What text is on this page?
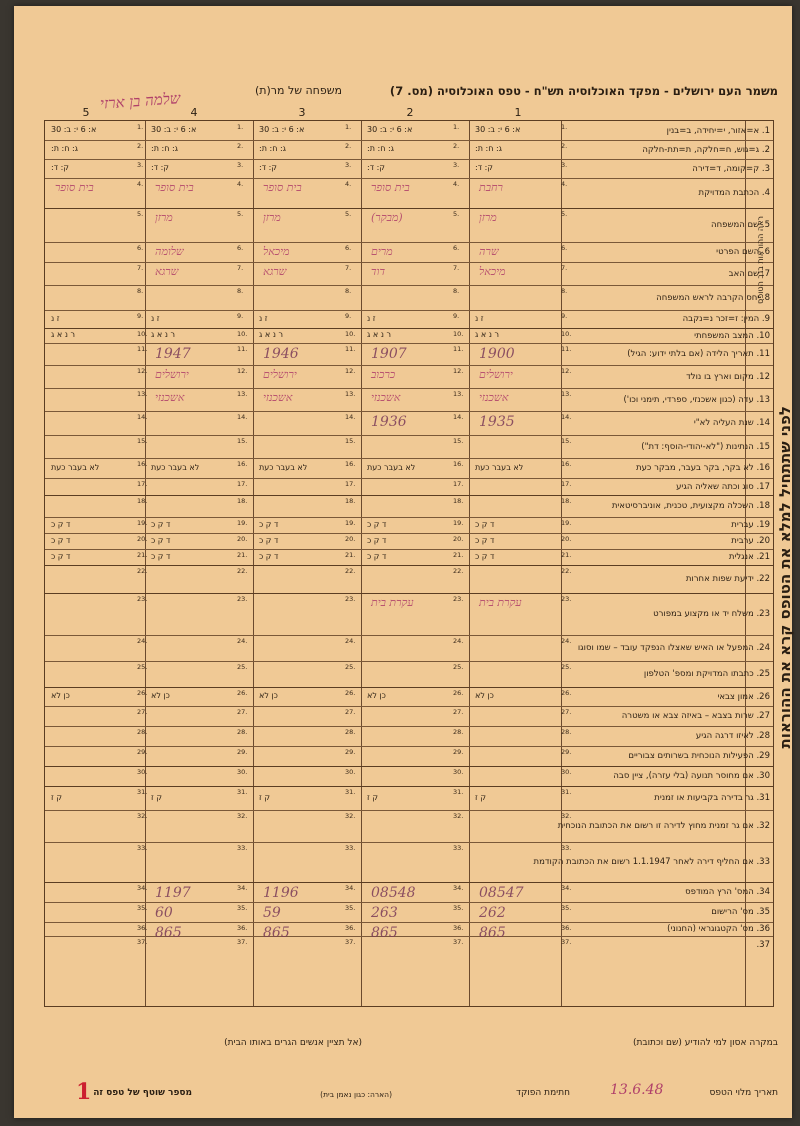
משמר העם ירושלים - מפקד האוכלוסיה תש"ח - טפס האוכלוסיה (מס. 7)
משפחה של מר(ת)
שלמה בן ארזי	1
2
3
4
5
1. א=אזור, י=יחידה, ב=בנין
1.
א: 6 י: ב: 30
1.
א: 6 י: ב: 30
1.
א: 6 י: ב: 30
1.
א: 6 י: ב: 30
1.
א: 6 י: ב: 30
2. ג=גוש, ח=חלקה, ת=תת-חלקה
2.
ג: ח: ת:
2.
ג: ח: ת:
2.
ג: ח: ת:
2.
ג: ח: ת:
2.
ג: ח: ת:
3. ק=קומה, ד=דירה
3.
ק: ד:
3.
ק: ד:
3.
ק: ד:
3.
ק: ד:
3.
ק: ד:
4. הכתבת המדויקת
4.
4.
4.
4.
4.
5. שם המשפחה
5.
5.
5.
5.
5.
6. השם הפרטי
6.
6.
6.
6.
6.
7. שם האב
7.
7.
7.
7.
7.
8. יחס הקרבה לראש המשפחה
8.
8.
8.
8.
8.
9. המין: ז=זכר נ=נקבה
9.
ז נ
9.
ז נ
9.
ז נ
9.
ז נ
9.
ז נ
10. המצב המשפחתי
10.
ר נ א ג
10.
ר נ א ג
10.
ר נ א ג
10.
ר נ א ג
10.
ר נ א ג
11. תאריך הלידה (אם בלתי ידוע: הגיל)
11.
11.
11.
11.
11.
12. מקום וארץ בו נולד
12.
12.
12.
12.
12.
13. עדה (כגון אשכנזי, ספרדי, תימני וכו')
13.
13.
13.
13.
13.
14. שנת העליה לא"י
14.
14.
14.
14.
14.
15. הנתינות ("לא-יהודי-הוסף: דת")
15.
15.
15.
15.
15.
16. לא בקר, בקר בעבר, מבקר כעת
16.
לא בעבר כעת
16.
לא בעבר כעת
16.
לא בעבר כעת
16.
לא בעבר כעת
16.
לא בעבר כעת
17. סוג וכתה שאליה הגיע
17.
17.
17.
17.
17.
18. השכלה מקצועית, טכנית, אוניברסיטאית
18.
18.
18.
18.
18.
19. עברית
19.
ד ק כ
19.
ד ק כ
19.
ד ק כ
19.
ד ק כ
19.
ד ק כ
20. ערבית
20.
ד ק כ
20.
ד ק כ
20.
ד ק כ
20.
ד ק כ
20.
ד ק כ
21. אנגלית
21.
ד ק כ
21.
ד ק כ
21.
ד ק כ
21.
ד ק כ
21.
ד ק כ
22. ידיעת שפות אחרות
22.
22.
22.
22.
22.
23. משלח יד או מקצוע במפורט
23.
23.
23.
23.
23.
24. המפעל או האיש שאצלו הנפקד עובד – שמו וסוגו
24.
24.
24.
24.
24.
25. כתבתו המדויקת ומספ' הטלפון
25.
25.
25.
25.
25.
26. אמון צבאי
26.
כן לא
26.
כן לא
26.
כן לא
26.
כן לא
26.
כן לא
27. שרות בצבא – באיזה צבא או משטרה
27.
27.
27.
27.
27.
28. לאיזו דרגה הגיע
28.
28.
28.
28.
28.
29. הפעילות הנוכחית בשרותים צבוריים
29.
29.
29.
29.
29.
30. אם מחוסר תנועה (בלי עזרה), ציין סבה
30.
30.
30.
30.
30.
31. גר בדירה בקביעות או זמנית
31.
ק ז
31.
ק ז
31.
ק ז
31.
ק ז
31.
ק ז
32. אם גר זמנית מחוץ לדירה זו רשום את הכתובת הנוכחית
32.
32.
32.
32.
32.
33. אם החליף דירה לאחר 1.1.1947 רשום את הכתובת הקודמת
33.
33.
33.
33.
33.
34. המס' הרץ המודפס
34.
34.
34.
34.
34.
35. מס' הרישום
35.
35.
35.
35.
35.
36. מס' הקטגוגראי (החנוני)
36.
36.
36.
36.
36.
37.
37.
37.
37.
37.
37.
רחבת
מרזן
שרה
מיכאל
1900
ירושלים
אשכנזי
1935
עקרת בית
08547
262
865
בית סופר
(מבקר)
מרים
דוד
1907
כרכוב
אשכנזי
1936
עקרת בית
08548
263
865
בית סופר
מרזן
מיכאל
שרגא
1946
ירושלים
אשכנזי
1196
59
865
בית סופר
מרזן
שלומה
שרגא
1947
ירושלים
אשכנזי
1197
60
865
בית סופר
לפני שתתחיל למלא את הטופס קרא את ההוראות
ראה ההוראות בגב הטופס
במקרה אסון למי להודיע (שם וכתובת)
(אל תציין אנשים הגרים באותו הבית)
תאריך מלוי הטפס
13.6.48
חתימת הפוקד
(הארה: כגון נאמן בית)
מספר שוטף של טפס זה
1
